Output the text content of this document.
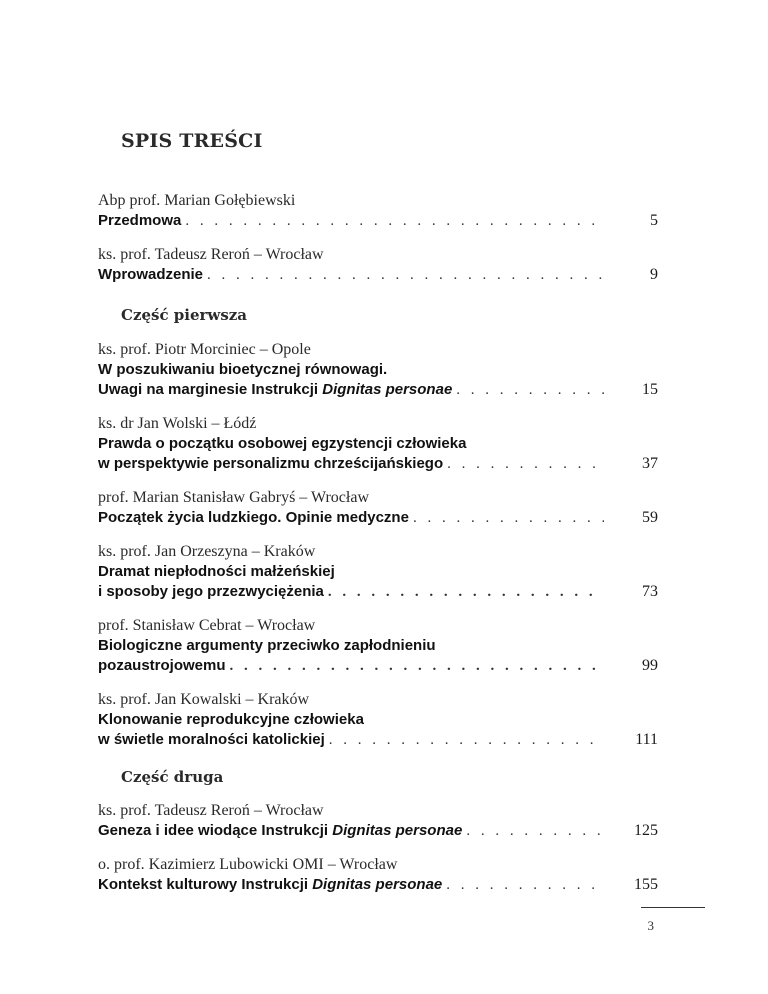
SPIS TREŚCI
Abp prof. Marian Gołębiewski
Przedmowa . . .	5
ks. prof. Tadeusz Reroń – Wrocław
Wprowadzenie . . .	9
Część pierwsza
ks. prof. Piotr Morciniec – Opole
W poszukiwaniu bioetycznej równowagi.
Uwagi na marginesie Instrukcji Dignitas personae . . .	15
ks. dr Jan Wolski – Łódź
Prawda o początku osobowej egzystencji człowieka
w perspektywie personalizmu chrześcijańskiego . . .	37
prof. Marian Stanisław Gabryś – Wrocław
Początek życia ludzkiego. Opinie medyczne . . .	59
ks. prof. Jan Orzeszyna – Kraków
Dramat niepłodności małżeńskiej
i sposoby jego przezwyciężenia . . .	73
prof. Stanisław Cebrat – Wrocław
Biologiczne argumenty przeciwko zapłodnieniu
pozaustrojowemu . . .	99
ks. prof. Jan Kowalski – Kraków
Klonowanie reprodukcyjne człowieka
w świetle moralności katolickiej . . .	111
Część druga
ks. prof. Tadeusz Reroń – Wrocław
Geneza i idee wiodące Instrukcji Dignitas personae . . .	125
o. prof. Kazimierz Lubowicki OMI – Wrocław
Kontekst kulturowy Instrukcji Dignitas personae . . .	155
3
